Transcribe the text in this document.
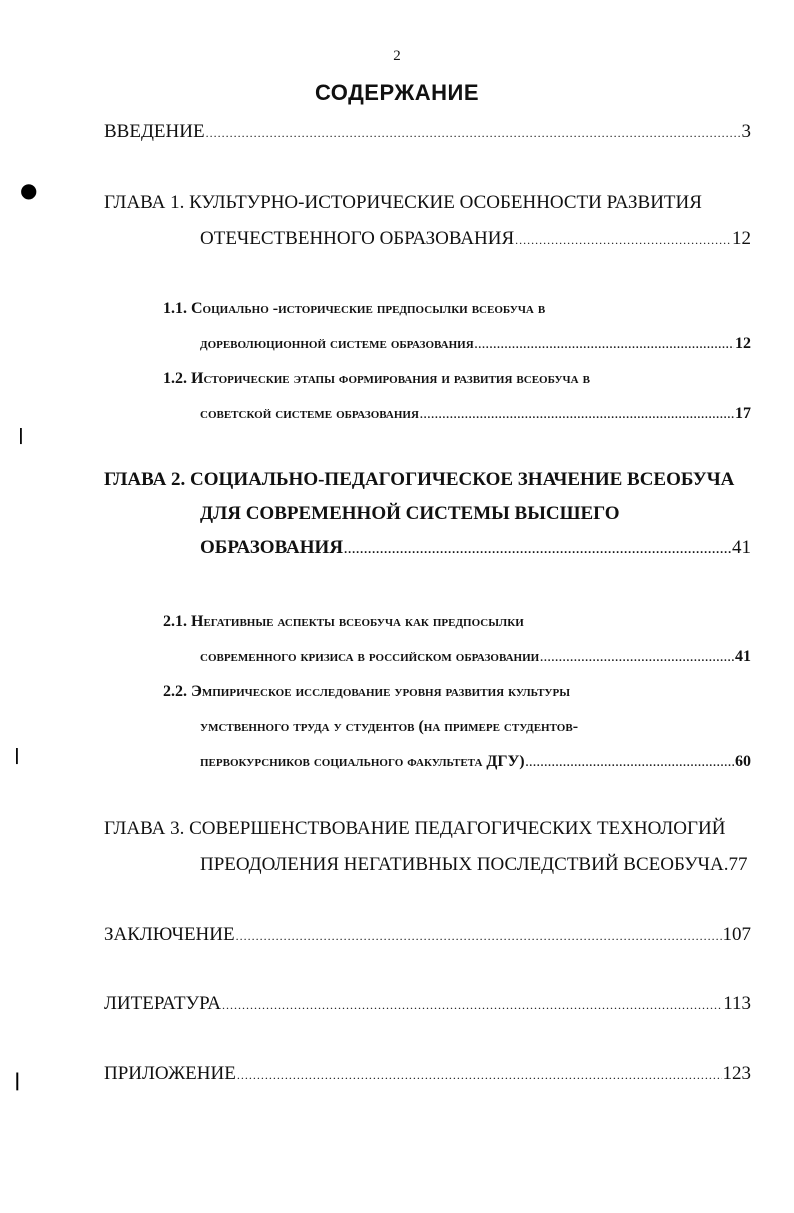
2
СОДЕРЖАНИЕ
ВВЕДЕНИЕ .....	3
ГЛАВА 1. КУЛЬТУРНО-ИСТОРИЧЕСКИЕ ОСОБЕННОСТИ РАЗВИТИЯ
ОТЕЧЕСТВЕННОГО ОБРАЗОВАНИЯ .....	12
1.1. Социально -исторические предпосылки всеобуча в
дореволюционной системе образования .....	12
1.2. Исторические этапы формирования и развития всеобуча в
советской системе образования .....	17
ГЛАВА 2. СОЦИАЛЬНО-ПЕДАГОГИЧЕСКОЕ ЗНАЧЕНИЕ ВСЕОБУЧА
ДЛЯ СОВРЕМЕННОЙ СИСТЕМЫ ВЫСШЕГО
ОБРАЗОВАНИЯ .....	41
2.1. Негативные аспекты всеобуча как предпосылки
современного кризиса в российском образовании .....	41
2.2. Эмпирическое исследование уровня развития культуры
умственного труда у студентов (на примере студентов-
первокурсников социального факультета ДГУ) .....	60
ГЛАВА 3. СОВЕРШЕНСТВОВАНИЕ ПЕДАГОГИЧЕСКИХ ТЕХНОЛОГИЙ
ПРЕОДОЛЕНИЯ НЕГАТИВНЫХ ПОСЛЕДСТВИЙ ВСЕОБУЧА. 77
ЗАКЛЮЧЕНИЕ .....	107
ЛИТЕРАТУРА .....	113
ПРИЛОЖЕНИЕ .....	123
●
|
|
|
